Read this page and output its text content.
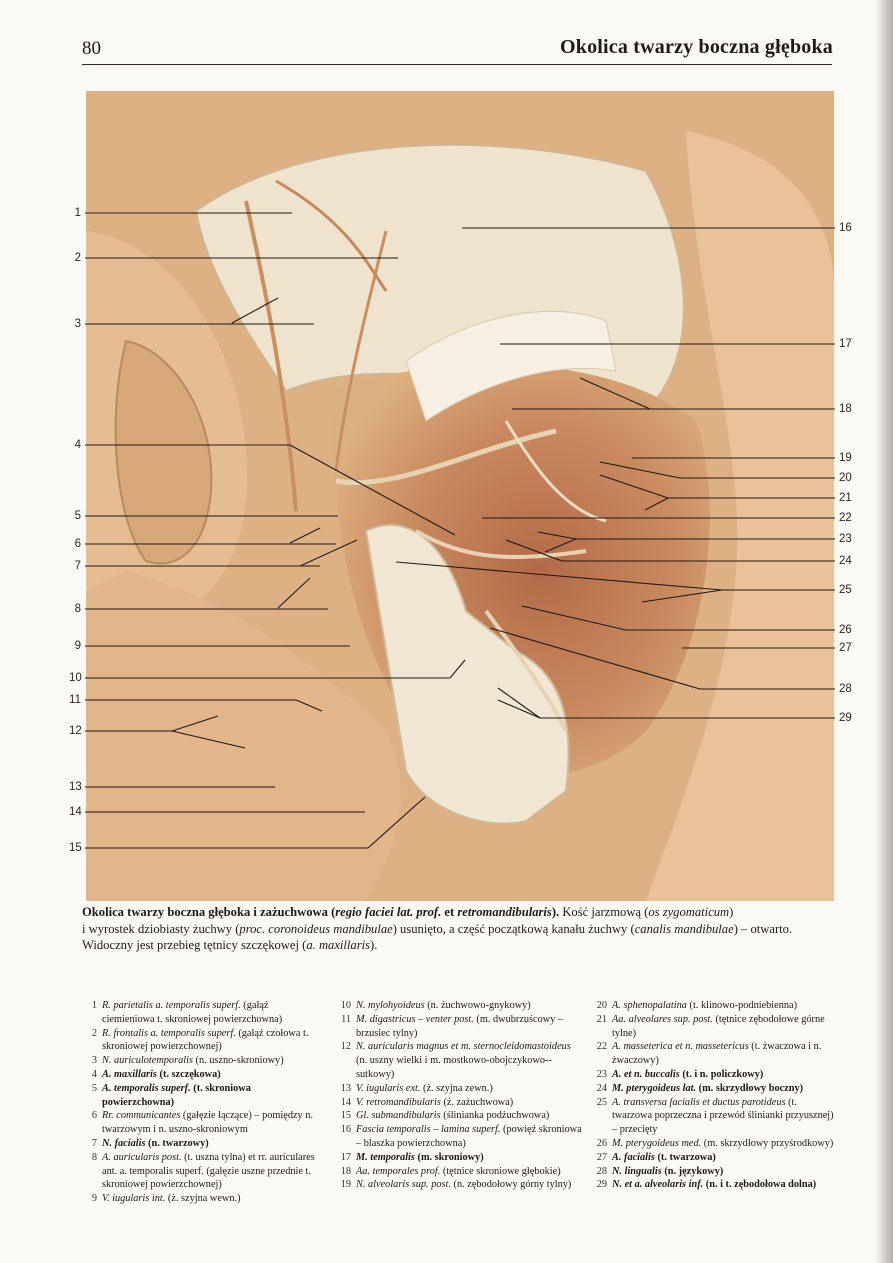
80	Okolica twarzy boczna głęboka
1
2
3
4
5
6
7
8
9
10
11
12
13
14
15
16
17
18
19
20
21
22
23
24
25
26
27
28
29
Okolica twarzy boczna głęboka i zażuchwowa (regio faciei lat. prof. et retromandibularis). Kość jarzmową (os zygomaticum)
i wyrostek dziobiasty żuchwy (proc. coronoideus mandibulae) usunięto, a część początkową kanału żuchwy (canalis mandibulae) – otwarto.
Widoczny jest przebieg tętnicy szczękowej (a. maxillaris).
1 R. parietalis a. temporalis superf. (gałąź ciemieniowa t. skroniowej powierzchowna)
2 R. frontalis a. temporalis superf. (gałąź czołowa t. skroniowej powierzchownej)
3 N. auriculotemporalis (n. uszno-skroniowy)
4 A. maxillaris (t. szczękowa)
5 A. temporalis superf. (t. skroniowa powierzchowna)
6 Rr. communicantes (gałęzie łączące) – pomiędzy n. twarzowym i n. uszno-skroniowym
7 N. facialis (n. twarzowy)
8 A. auricularis post. (t. uszna tylna) et rr. auriculares ant. a. temporalis superf. (gałęzie uszne przednie t. skroniowej powierzchownej)
9 V. iugularis int. (ż. szyjna wewn.)
10 N. mylohyoideus (n. żuchwowo-gnykowy)
11 M. digastricus – venter post. (m. dwubrzuścowy – brzusiec tylny)
12 N. auricularis magnus et m. sternocleidomastoideus (n. uszny wielki i m. mostkowo-obojczykowo--sutkowy)
13 V. iugularis ext. (ż. szyjna zewn.)
14 V. retromandibularis (ż. zażuchwowa)
15 Gl. submandibularis (ślinianka podżuchwowa)
16 Fascia temporalis – lamina superf. (powięź skroniowa – blaszka powierzchowna)
17 M. temporalis (m. skroniowy)
18 Aa. temporales prof. (tętnice skroniowe głębokie)
19 N. alveolaris sup. post. (n. zębodołowy górny tylny)
20 A. sphenopalatina (t. klinowo-podniebienna)
21 Aa. alveolares sup. post. (tętnice zębodołowe górne tylne)
22 A. masseterica et n. massetericus (t. żwaczowa i n. żwaczowy)
23 A. et n. buccalis (t. i n. policzkowy)
24 M. pterygoideus lat. (m. skrzydłowy boczny)
25 A. transversa facialis et ductus parotideus (t. twarzowa poprzeczna i przewód ślinianki przyusznej) – przecięty
26 M. pterygoideus med. (m. skrzydłowy przyśrodkowy)
27 A. facialis (t. twarzowa)
28 N. lingualis (n. językowy)
29 N. et a. alveolaris inf. (n. i t. zębodołowa dolna)
